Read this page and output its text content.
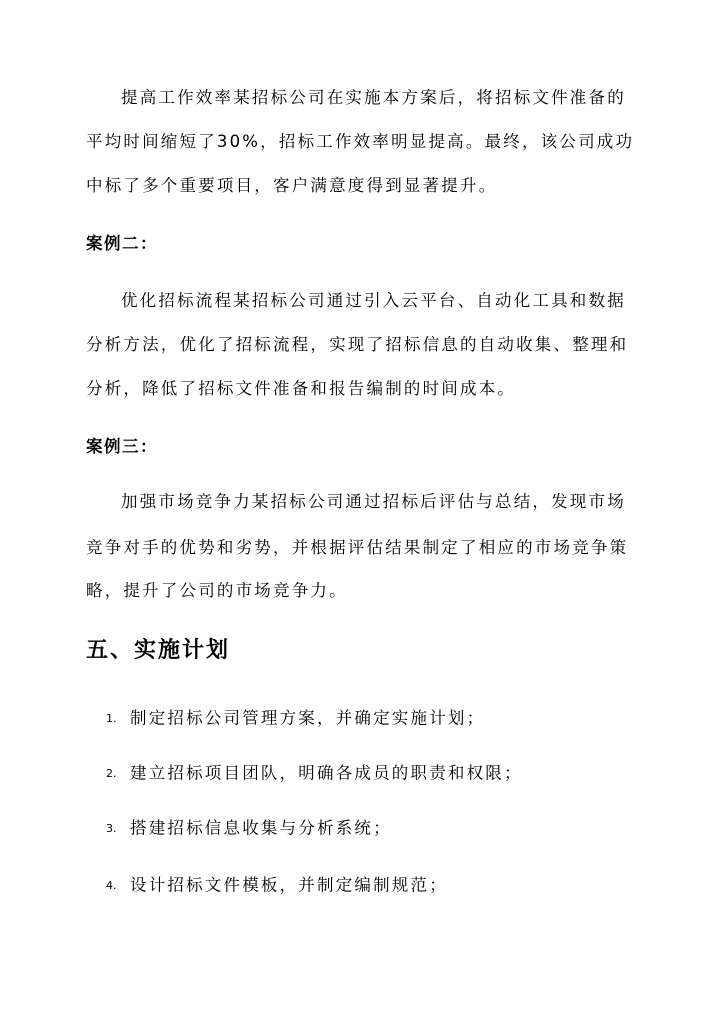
提高工作效率某招标公司在实施本方案后，将招标文件准备的
平均时间缩短了30%，招标工作效率明显提高。最终，该公司成功
中标了多个重要项目，客户满意度得到显著提升。
案例二：
优化招标流程某招标公司通过引入云平台、自动化工具和数据
分析方法，优化了招标流程，实现了招标信息的自动收集、整理和
分析，降低了招标文件准备和报告编制的时间成本。
案例三：
加强市场竞争力某招标公司通过招标后评估与总结，发现市场
竞争对手的优势和劣势，并根据评估结果制定了相应的市场竞争策
略，提升了公司的市场竞争力。
五、实施计划
1. 制定招标公司管理方案，并确定实施计划；
2. 建立招标项目团队，明确各成员的职责和权限；
3. 搭建招标信息收集与分析系统；
4. 设计招标文件模板，并制定编制规范；
